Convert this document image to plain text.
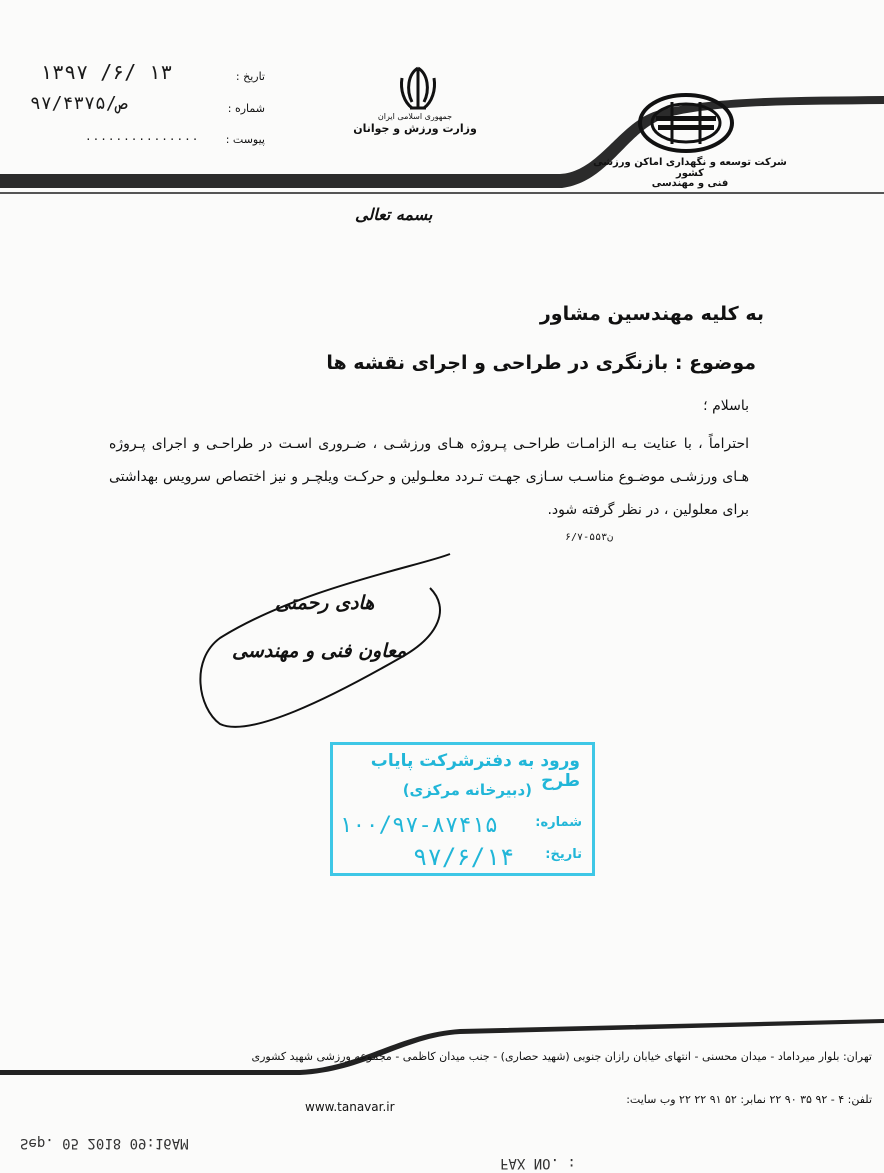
تاریخ :
شماره :
پیوست :
۱۳۹۷ /۶/ ۱۳
۹۷/۴۳۷۵/ص
...............
جمهوری اسلامی ایران
وزارت ورزش و جوانان
شرکت توسعه و نگهداری اماکن ورزشی کشور
فنی و مهندسی
بسمه تعالی
به کلیه مهندسین مشاور
موضوع : بازنگری در طراحی و اجرای نقشه ها
باسلام ؛
احتراماً ، با عنایت بـه الزامـات طراحـی پـروژه هـای ورزشـی ، ضـروری اسـت در طراحـی و اجرای پـروژه هـای ورزشـی موضـوع مناسـب سـازی جهـت تـردد معلـولین و حرکـت ویلچـر و نیز اختصاص سرویس بهداشتی برای معلولین ، در نظر گرفته شود.
ن۵۵۳-۶/۷
هادی رحمتی
معاون فنی و مهندسی
ورود به دفترشرکت پایاب طرح
(دبیرخانه مرکزی)
شماره:
تاریخ:
۱۰۰/۹۷-۸۷۴۱۵
۹۷/۶/۱۴
تهران: بلوار میرداماد - میدان محسنی - انتهای خیابان رازان جنوبی (شهید حصاری) - جنب میدان کاظمی - مجموعه ورزشی شهید کشوری
تلفن: ۴ - ۹۲ ۳۵ ۹۰ ۲۲ نمابر: ۵۲ ۹۱ ۲۲ ۲۲ وب سایت:
www.tanavar.ir
Sep. 05 2018 09:16AM
FAX NO. :
